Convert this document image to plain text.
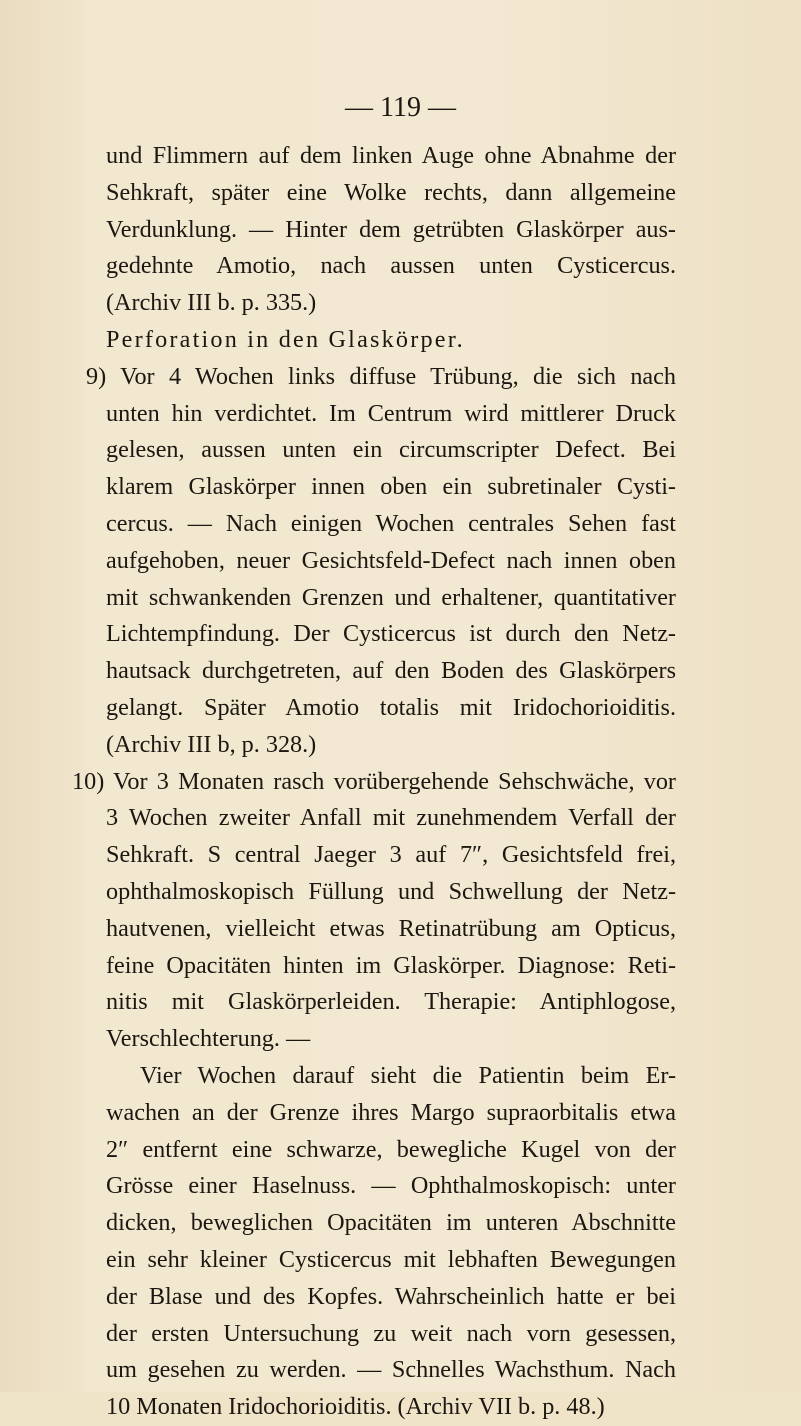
— 119 —
und Flimmern auf dem linken Auge ohne Abnahme der
Sehkraft, später eine Wolke rechts, dann allgemeine
Verdunklung. — Hinter dem getrübten Glaskörper aus-
gedehnte Amotio, nach aussen unten Cysticercus.
(Archiv III b. p. 335.)
Perforation in den Glaskörper.
9) Vor 4 Wochen links diffuse Trübung, die sich nach
unten hin verdichtet. Im Centrum wird mittlerer Druck
gelesen, aussen unten ein circumscripter Defect. Bei
klarem Glaskörper innen oben ein subretinaler Cysti-
cercus. — Nach einigen Wochen centrales Sehen fast
aufgehoben, neuer Gesichtsfeld-Defect nach innen oben
mit schwankenden Grenzen und erhaltener, quantitativer
Lichtempfindung. Der Cysticercus ist durch den Netz-
hautsack durchgetreten, auf den Boden des Glaskörpers
gelangt. Später Amotio totalis mit Iridochorioiditis.
(Archiv III b, p. 328.)
10) Vor 3 Monaten rasch vorübergehende Sehschwäche, vor
3 Wochen zweiter Anfall mit zunehmendem Verfall der
Sehkraft. S central Jaeger 3 auf 7″, Gesichtsfeld frei,
ophthalmoskopisch Füllung und Schwellung der Netz-
hautvenen, vielleicht etwas Retinatrübung am Opticus,
feine Opacitäten hinten im Glaskörper. Diagnose: Reti-
nitis mit Glaskörperleiden. Therapie: Antiphlogose,
Verschlechterung. —
Vier Wochen darauf sieht die Patientin beim Er-
wachen an der Grenze ihres Margo supraorbitalis etwa
2″ entfernt eine schwarze, bewegliche Kugel von der
Grösse einer Haselnuss. — Ophthalmoskopisch: unter
dicken, beweglichen Opacitäten im unteren Abschnitte
ein sehr kleiner Cysticercus mit lebhaften Bewegungen
der Blase und des Kopfes. Wahrscheinlich hatte er bei
der ersten Untersuchung zu weit nach vorn gesessen,
um gesehen zu werden. — Schnelles Wachsthum. Nach
10 Monaten Iridochorioiditis. (Archiv VII b. p. 48.)
